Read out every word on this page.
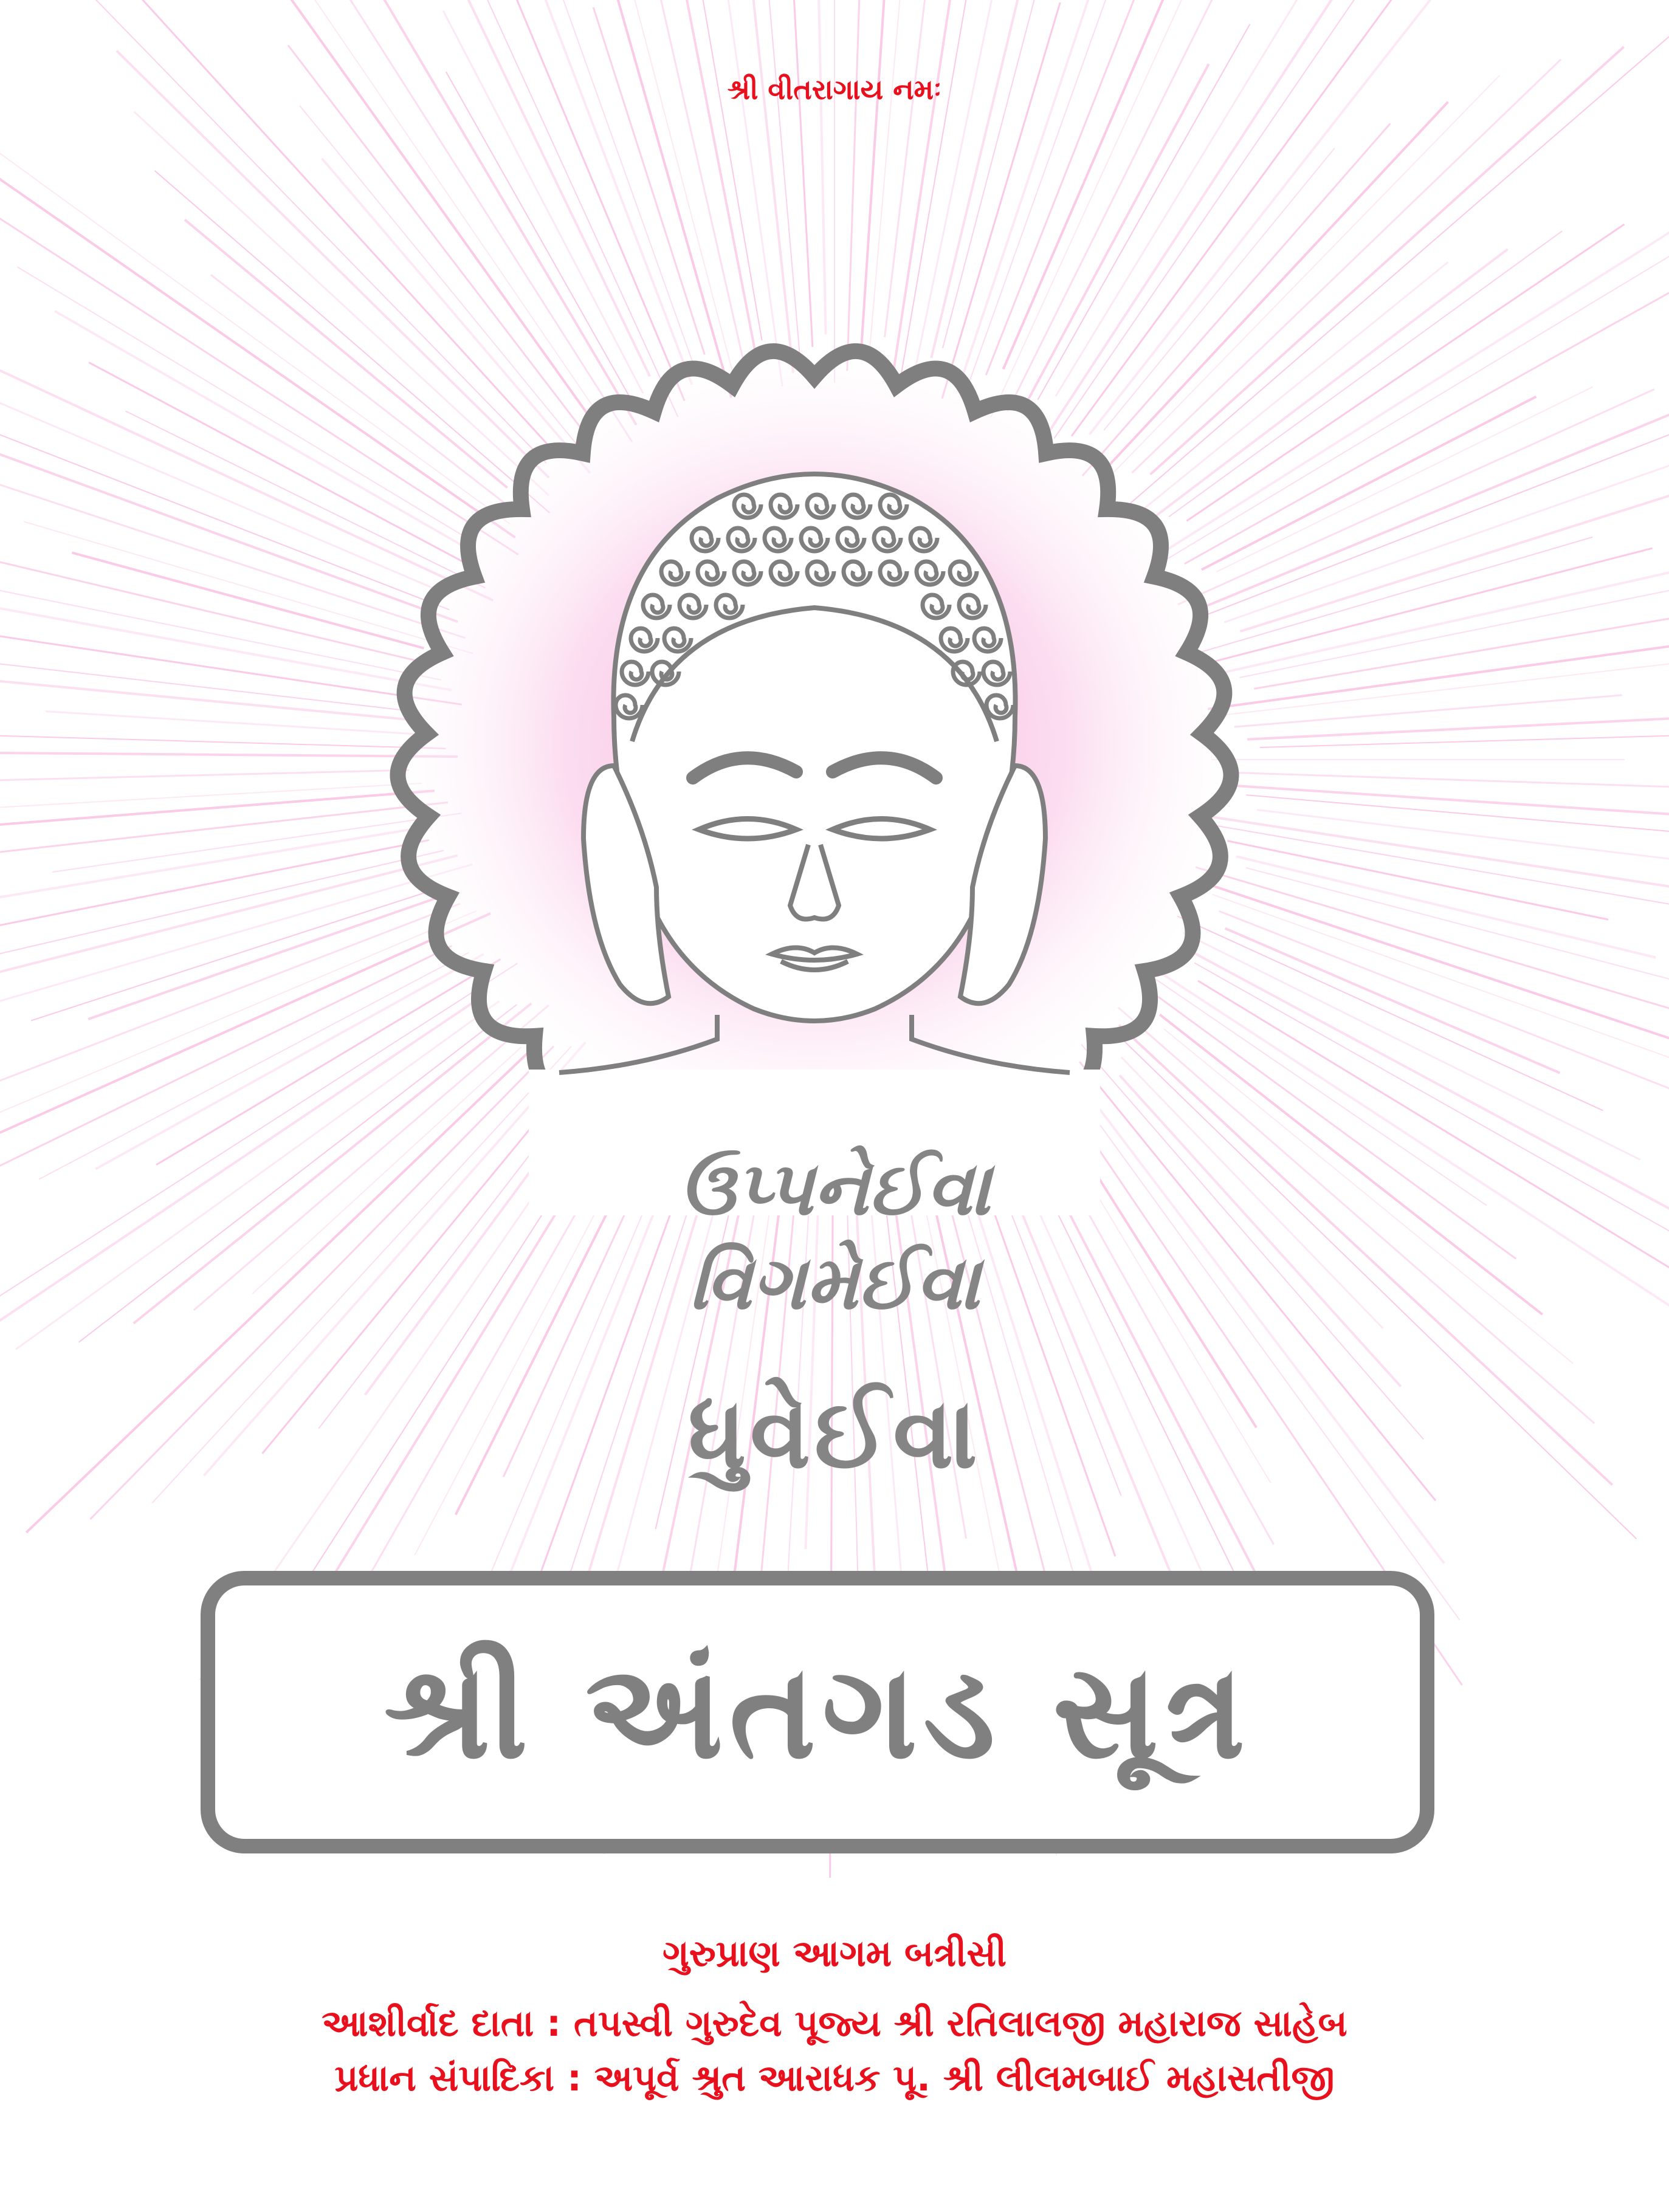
શ્રી વીતરાગાય નમઃ
ઉપ્પનેઈવા
વિગમેઈવા
ધુવેઈવા
શ્રી અંતગડ સૂત્ર
ગુરુપ્રાણ આગમ બત્રીસી
આશીર્વાદ દાતા : તપસ્વી ગુરુદેવ પૂજ્ય શ્રી રતિલાલજી મહારાજ સાહેબ
પ્રધાન સંપાદિકા : અપૂર્વ શ્રુત આરાધક પૂ. શ્રી લીલમબાઈ મહાસતીજી
